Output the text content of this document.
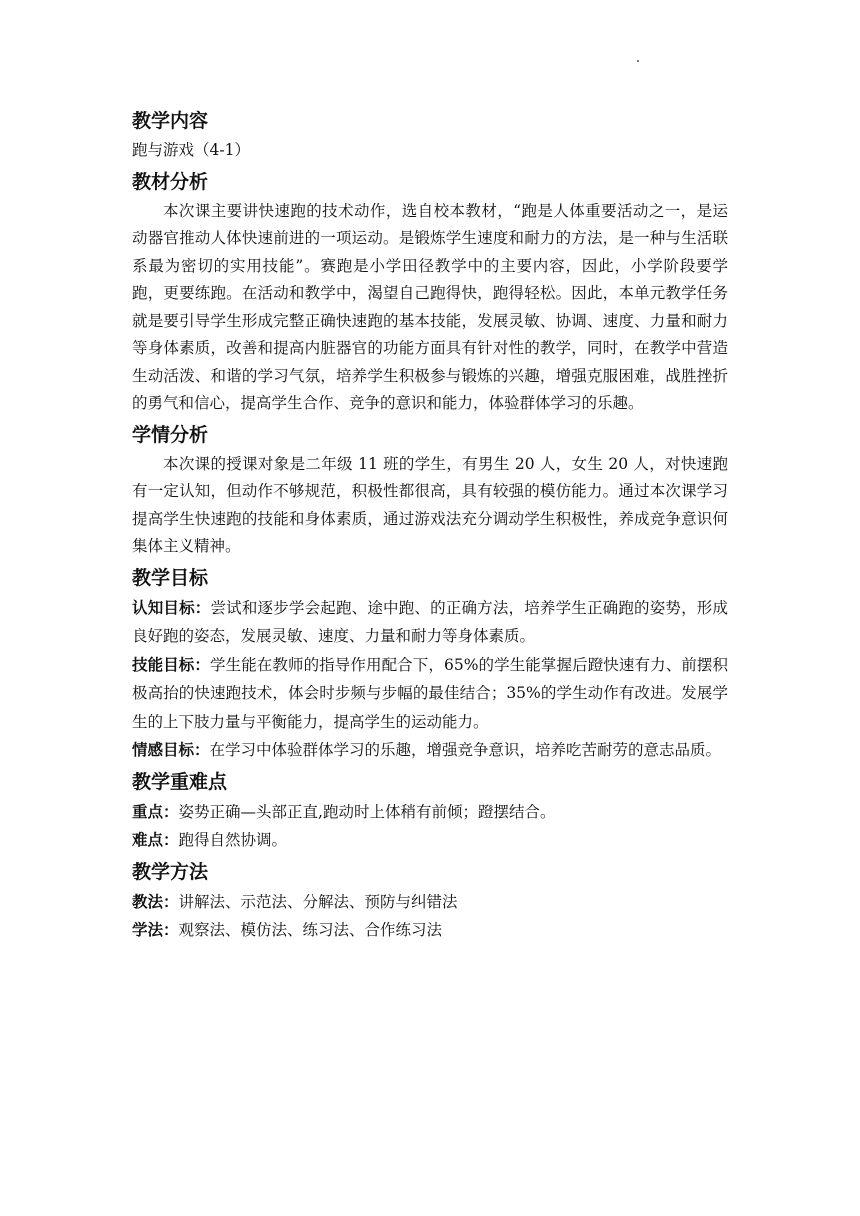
教学内容

跑与游戏（4-1）

教材分析

本次课主要讲快速跑的技术动作，选自校本教材，“跑是人体重要活动之一，是运动器官推动人体快速前进的一项运动。是锻炼学生速度和耐力的方法，是一种与生活联系最为密切的实用技能”。赛跑是小学田径教学中的主要内容，因此，小学阶段要学跑，更要练跑。在活动和教学中，渴望自己跑得快，跑得轻松。因此，本单元教学任务就是要引导学生形成完整正确快速跑的基本技能，发展灵敏、协调、速度、力量和耐力等身体素质，改善和提高内脏器官的功能方面具有针对性的教学，同时，在教学中营造生动活泼、和谐的学习气氛，培养学生积极参与锻炼的兴趣，增强克服困难，战胜挫折的勇气和信心，提高学生合作、竞争的意识和能力，体验群体学习的乐趣。

学情分析

本次课的授课对象是二年级 11 班的学生，有男生 20 人，女生 20 人，对快速跑有一定认知，但动作不够规范，积极性都很高，具有较强的模仿能力。通过本次课学习提高学生快速跑的技能和身体素质，通过游戏法充分调动学生积极性，养成竞争意识何集体主义精神。

教学目标

认知目标：尝试和逐步学会起跑、途中跑、的正确方法，培养学生正确跑的姿势，形成良好跑的姿态，发展灵敏、速度、力量和耐力等身体素质。

技能目标：学生能在教师的指导作用配合下，65%的学生能掌握后蹬快速有力、前摆积极高抬的快速跑技术，体会时步频与步幅的最佳结合；35%的学生动作有改进。发展学生的上下肢力量与平衡能力，提高学生的运动能力。

情感目标：在学习中体验群体学习的乐趣，增强竞争意识，培养吃苦耐劳的意志品质。

教学重难点

重点：姿势正确—头部正直,跑动时上体稍有前倾；蹬摆结合。

难点：跑得自然协调。

教学方法

教法：讲解法、示范法、分解法、预防与纠错法

学法：观察法、模仿法、练习法、合作练习法
